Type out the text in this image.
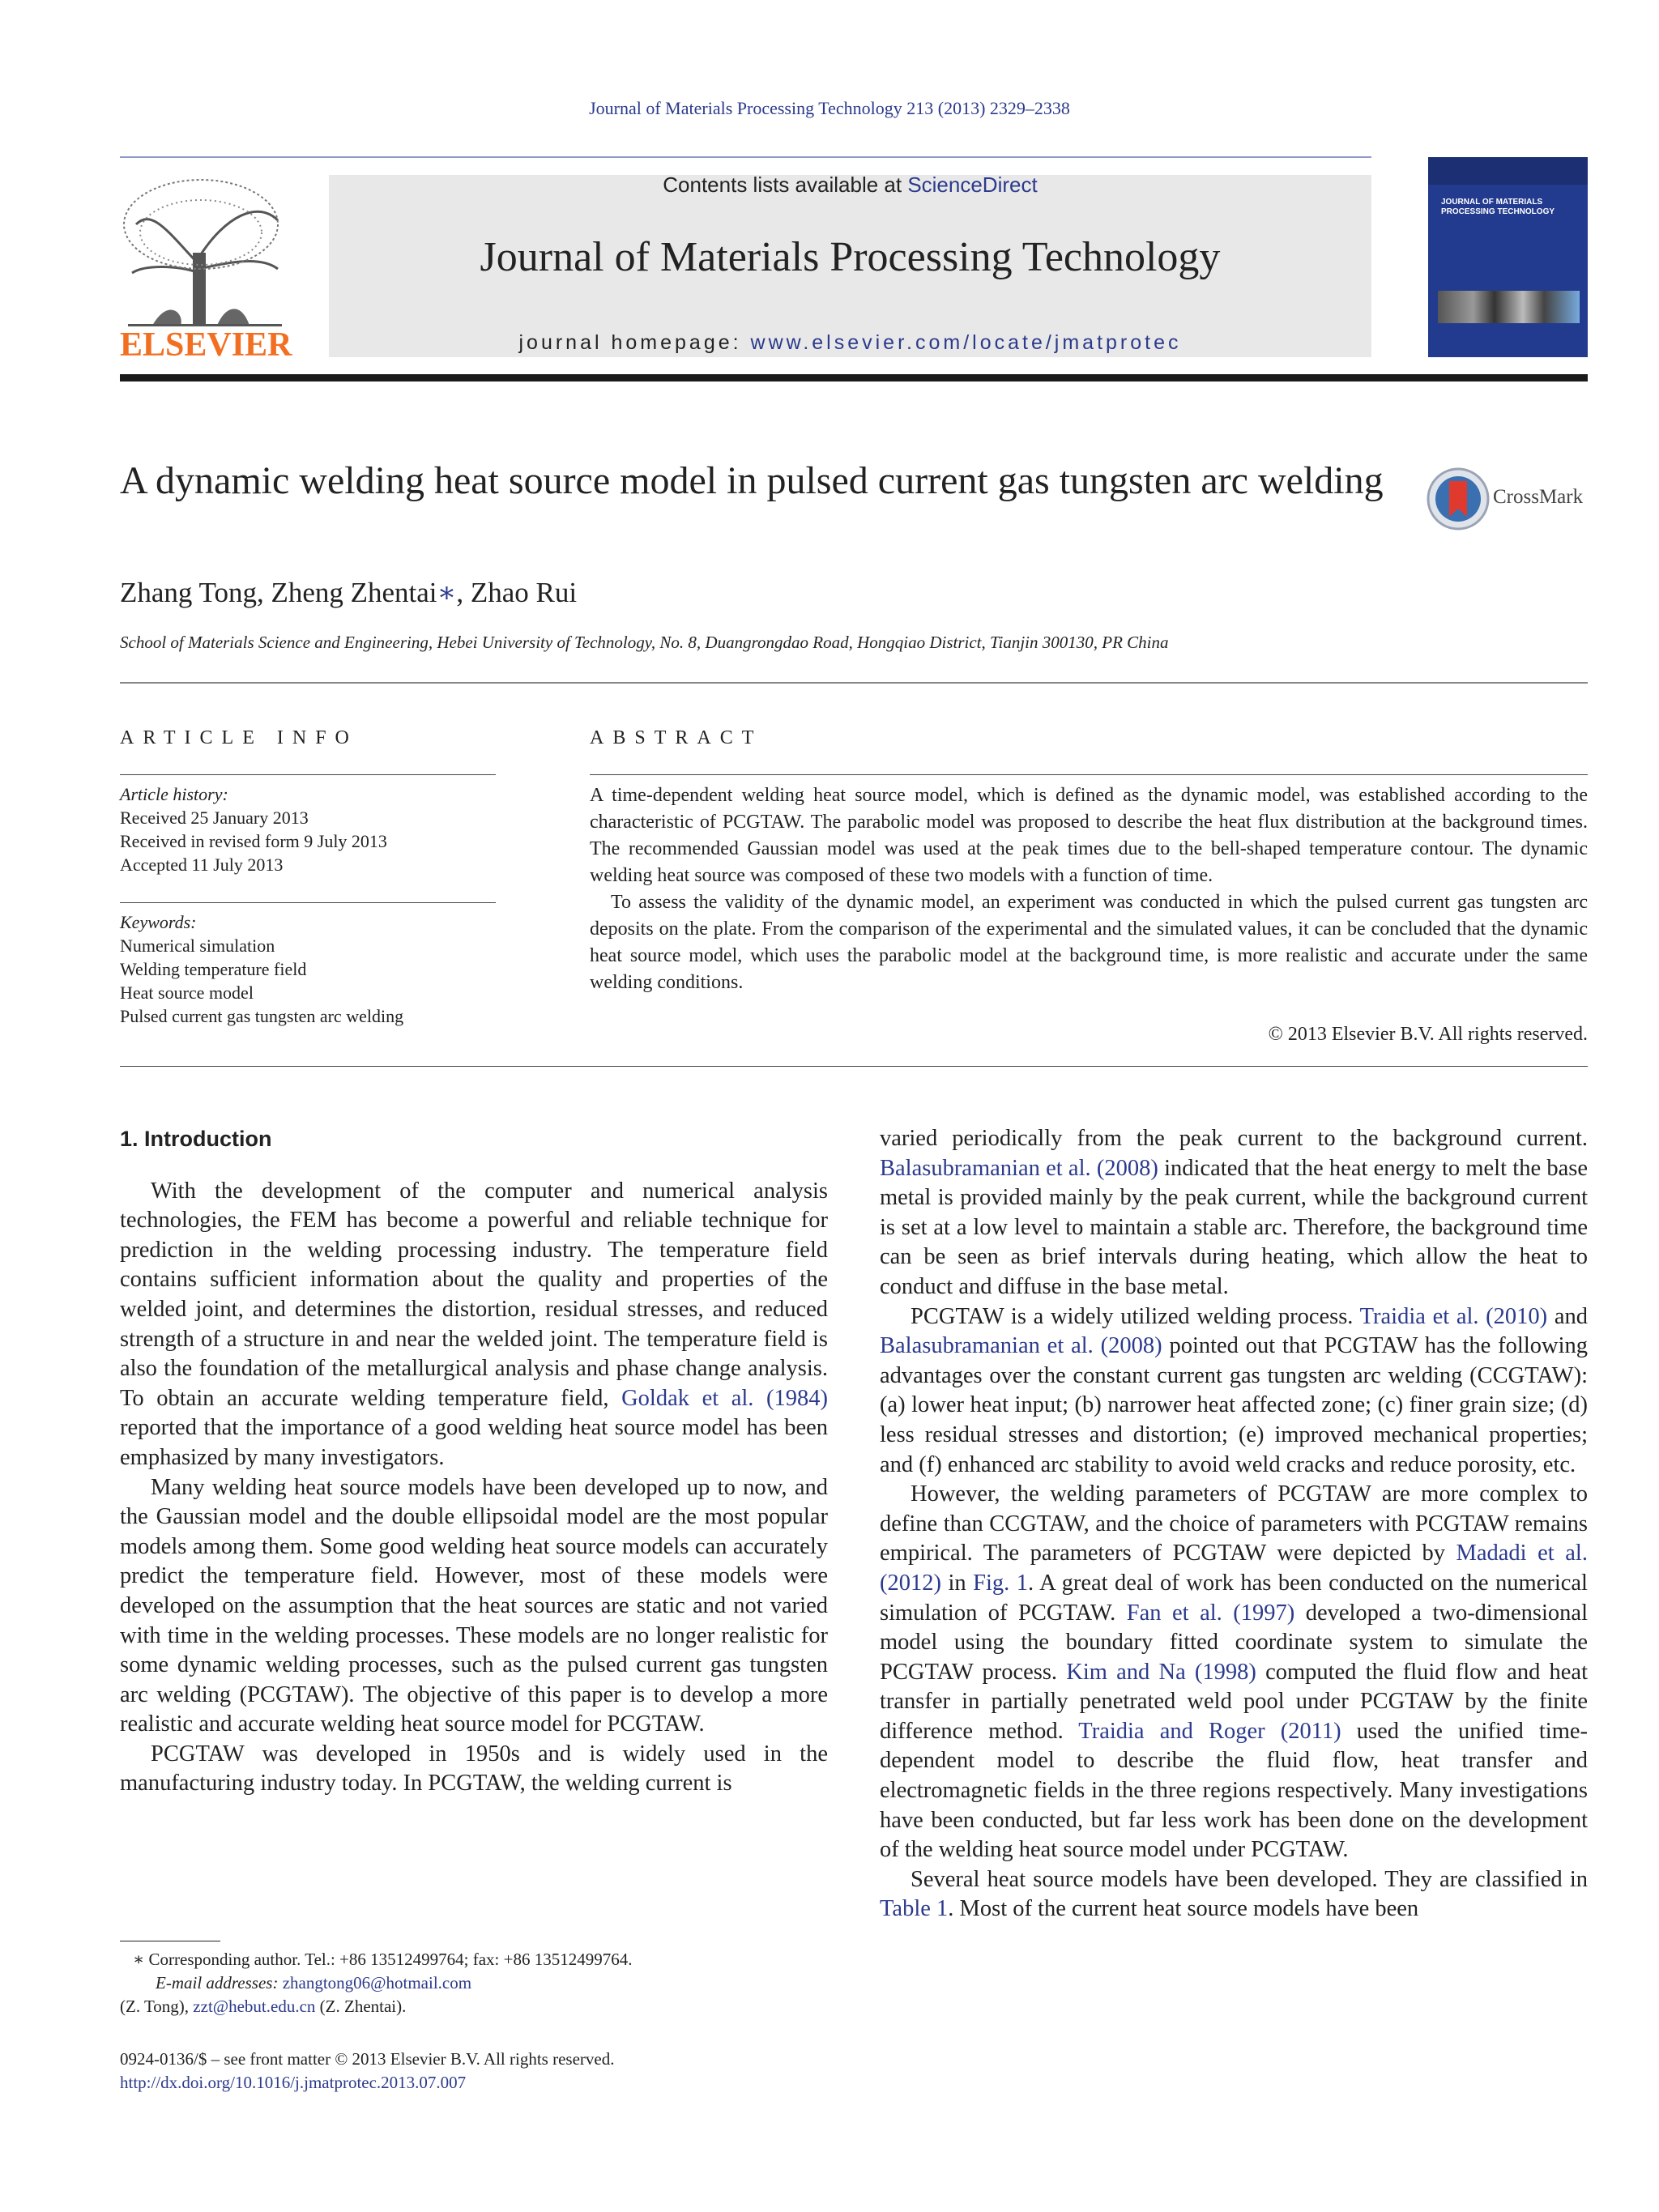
Journal of Materials Processing Technology 213 (2013) 2329–2338
ELSEVIER
Contents lists available at ScienceDirect
Journal of Materials Processing Technology
journal homepage: www.elsevier.com/locate/jmatprotec
JOURNAL OF MATERIALS PROCESSING TECHNOLOGY
A dynamic welding heat source model in pulsed current gas tungsten arc welding	CrossMark
Zhang Tong, Zheng Zhentai∗, Zhao Rui
School of Materials Science and Engineering, Hebei University of Technology, No. 8, Duangrongdao Road, Hongqiao District, Tianjin 300130, PR China
ARTICLE INFO	ABSTRACT
Article history:
Received 25 January 2013
Received in revised form 9 July 2013
Accepted 11 July 2013
Keywords:
Numerical simulation
Welding temperature field
Heat source model
Pulsed current gas tungsten arc welding

A time-dependent welding heat source model, which is defined as the dynamic model, was established according to the characteristic of PCGTAW. The parabolic model was proposed to describe the heat flux distribution at the background times. The recommended Gaussian model was used at the peak times due to the bell-shaped temperature contour. The dynamic welding heat source was composed of these two models with a function of time.

To assess the validity of the dynamic model, an experiment was conducted in which the pulsed current gas tungsten arc deposits on the plate. From the comparison of the experimental and the simulated values, it can be concluded that the dynamic heat source model, which uses the parabolic model at the background time, is more realistic and accurate under the same welding conditions.

© 2013 Elsevier B.V. All rights reserved.

1. Introduction

With the development of the computer and numerical analysis technologies, the FEM has become a powerful and reliable technique for prediction in the welding processing industry. The temperature field contains sufficient information about the quality and properties of the welded joint, and determines the distortion, residual stresses, and reduced strength of a structure in and near the welded joint. The temperature field is also the foundation of the metallurgical analysis and phase change analysis. To obtain an accurate welding temperature field, Goldak et al. (1984) reported that the importance of a good welding heat source model has been emphasized by many investigators.

Many welding heat source models have been developed up to now, and the Gaussian model and the double ellipsoidal model are the most popular models among them. Some good welding heat source models can accurately predict the temperature field. However, most of these models were developed on the assumption that the heat sources are static and not varied with time in the welding processes. These models are no longer realistic for some dynamic welding processes, such as the pulsed current gas tungsten arc welding (PCGTAW). The objective of this paper is to develop a more realistic and accurate welding heat source model for PCGTAW.

PCGTAW was developed in 1950s and is widely used in the manufacturing industry today. In PCGTAW, the welding current is

varied periodically from the peak current to the background current. Balasubramanian et al. (2008) indicated that the heat energy to melt the base metal is provided mainly by the peak current, while the background current is set at a low level to maintain a stable arc. Therefore, the background time can be seen as brief intervals during heating, which allow the heat to conduct and diffuse in the base metal.

PCGTAW is a widely utilized welding process. Traidia et al. (2010) and Balasubramanian et al. (2008) pointed out that PCGTAW has the following advantages over the constant current gas tungsten arc welding (CCGTAW): (a) lower heat input; (b) narrower heat affected zone; (c) finer grain size; (d) less residual stresses and distortion; (e) improved mechanical properties; and (f) enhanced arc stability to avoid weld cracks and reduce porosity, etc.

However, the welding parameters of PCGTAW are more complex to define than CCGTAW, and the choice of parameters with PCGTAW remains empirical. The parameters of PCGTAW were depicted by Madadi et al. (2012) in Fig. 1. A great deal of work has been conducted on the numerical simulation of PCGTAW. Fan et al. (1997) developed a two-dimensional model using the boundary fitted coordinate system to simulate the PCGTAW process. Kim and Na (1998) computed the fluid flow and heat transfer in partially penetrated weld pool under PCGTAW by the finite difference method. Traidia and Roger (2011) used the unified time-dependent model to describe the fluid flow, heat transfer and electromagnetic fields in the three regions respectively. Many investigations have been conducted, but far less work has been done on the development of the welding heat source model under PCGTAW.

Several heat source models have been developed. They are classified in Table 1. Most of the current heat source models have been

∗ Corresponding author. Tel.: +86 13512499764; fax: +86 13512499764.
E-mail addresses: zhangtong06@hotmail.com
(Z. Tong), zzt@hebut.edu.cn (Z. Zhentai).
0924-0136/$ – see front matter © 2013 Elsevier B.V. All rights reserved.
http://dx.doi.org/10.1016/j.jmatprotec.2013.07.007
